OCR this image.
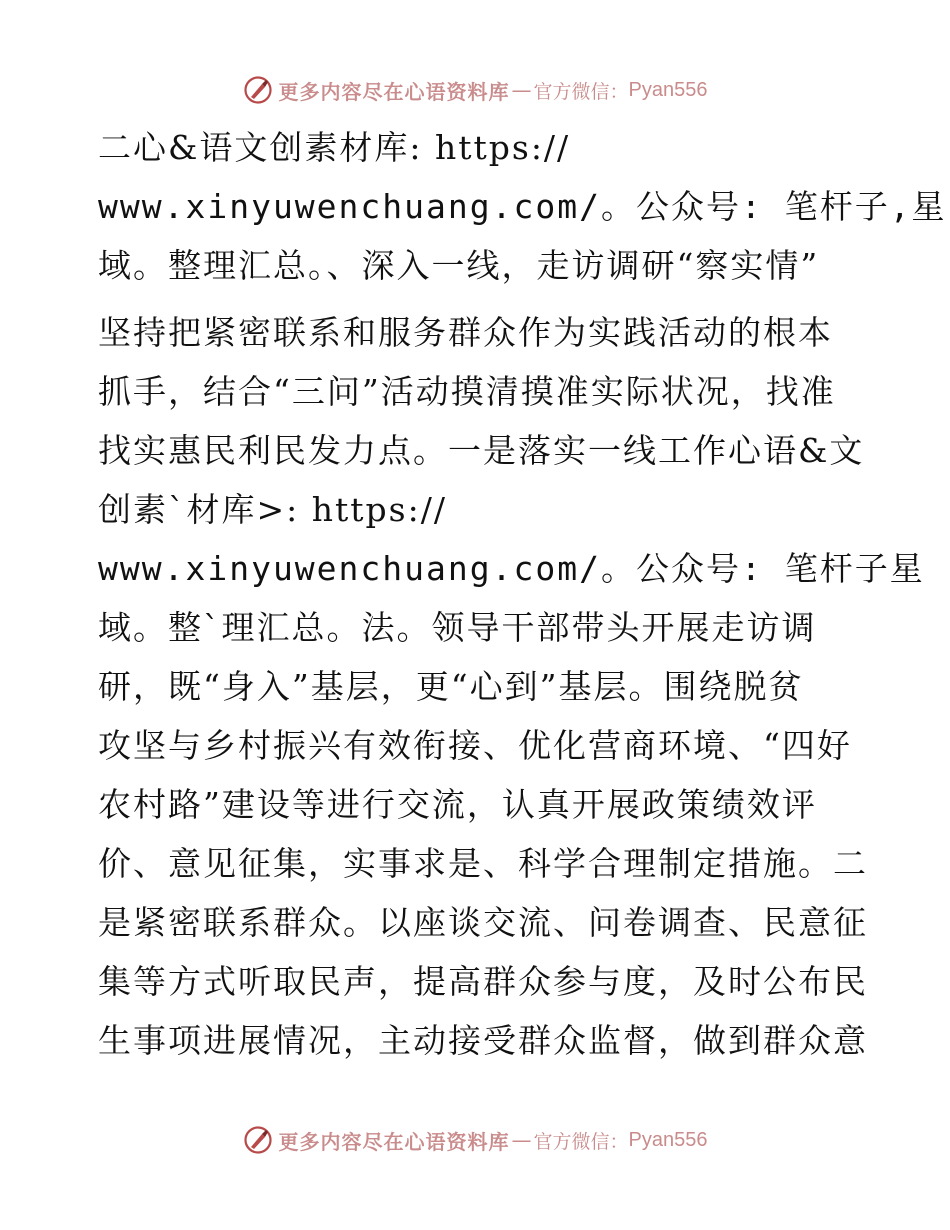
更多内容尽在心语资料库 — 官方微信： Pyan556
二心&语文创素材库: https://
www.xinyuwenchuang.com/。公众号: 笔杆子,星
域。整理汇总。、深入一线，走访调研“察实情”
坚持把紧密联系和服务群众作为实践活动的根本
抓手，结合“三问”活动摸清摸准实际状况，找准
找实惠民利民发力点。一是落实一线工作心语&文
创素`材库>: https://
www.xinyuwenchuang.com/。公众号: 笔杆子星
域。整`理汇总。法。领导干部带头开展走访调
研，既“身入”基层，更“心到”基层。围绕脱贫
攻坚与乡村振兴有效衔接、优化营商环境、“四好
农村路”建设等进行交流，认真开展政策绩效评
价、意见征集，实事求是、科学合理制定措施。二
是紧密联系群众。以座谈交流、问卷调查、民意征
集等方式听取民声，提高群众参与度，及时公布民
生事项进展情况，主动接受群众监督，做到群众意
更多内容尽在心语资料库 — 官方微信： Pyan556
